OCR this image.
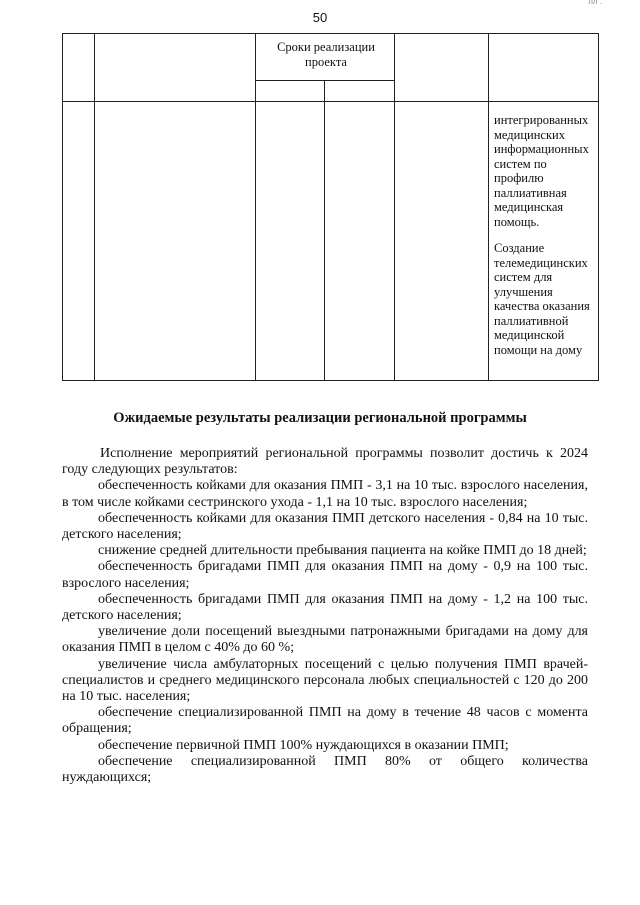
50
лл .
Сроки реализации проекта

интегрированных медицинских информационных систем по профилю паллиативная медицинская помощь.

Создание телемедицинских систем для улучшения качества оказания паллиативной медицинской помощи на дому

Ожидаемые результаты реализации региональной программы

Исполнение мероприятий региональной программы позволит достичь к 2024 году следующих результатов:

обеспеченность койками для оказания ПМП - 3,1 на 10 тыс. взрослого населения, в том числе койками сестринского ухода - 1,1 на 10 тыс. взрослого населения;

обеспеченность койками для оказания ПМП детского населения - 0,84 на 10 тыс. детского населения;

снижение средней длительности пребывания пациента на койке ПМП до 18 дней;

обеспеченность бригадами ПМП для оказания ПМП на дому - 0,9 на 100 тыс. взрослого населения;

обеспеченность бригадами ПМП для оказания ПМП на дому - 1,2 на 100 тыс. детского населения;

увеличение доли посещений выездными патронажными бригадами на дому для оказания ПМП в целом с 40% до 60 %;

увеличение числа амбулаторных посещений с целью получения ПМП врачей-специалистов и среднего медицинского персонала любых специальностей с 120 до 200 на 10 тыс. населения;

обеспечение специализированной ПМП на дому в течение 48 часов с момента обращения;

обеспечение первичной ПМП 100% нуждающихся в оказании ПМП;

обеспечение специализированной ПМП 80% от общего количества нуждающихся;
